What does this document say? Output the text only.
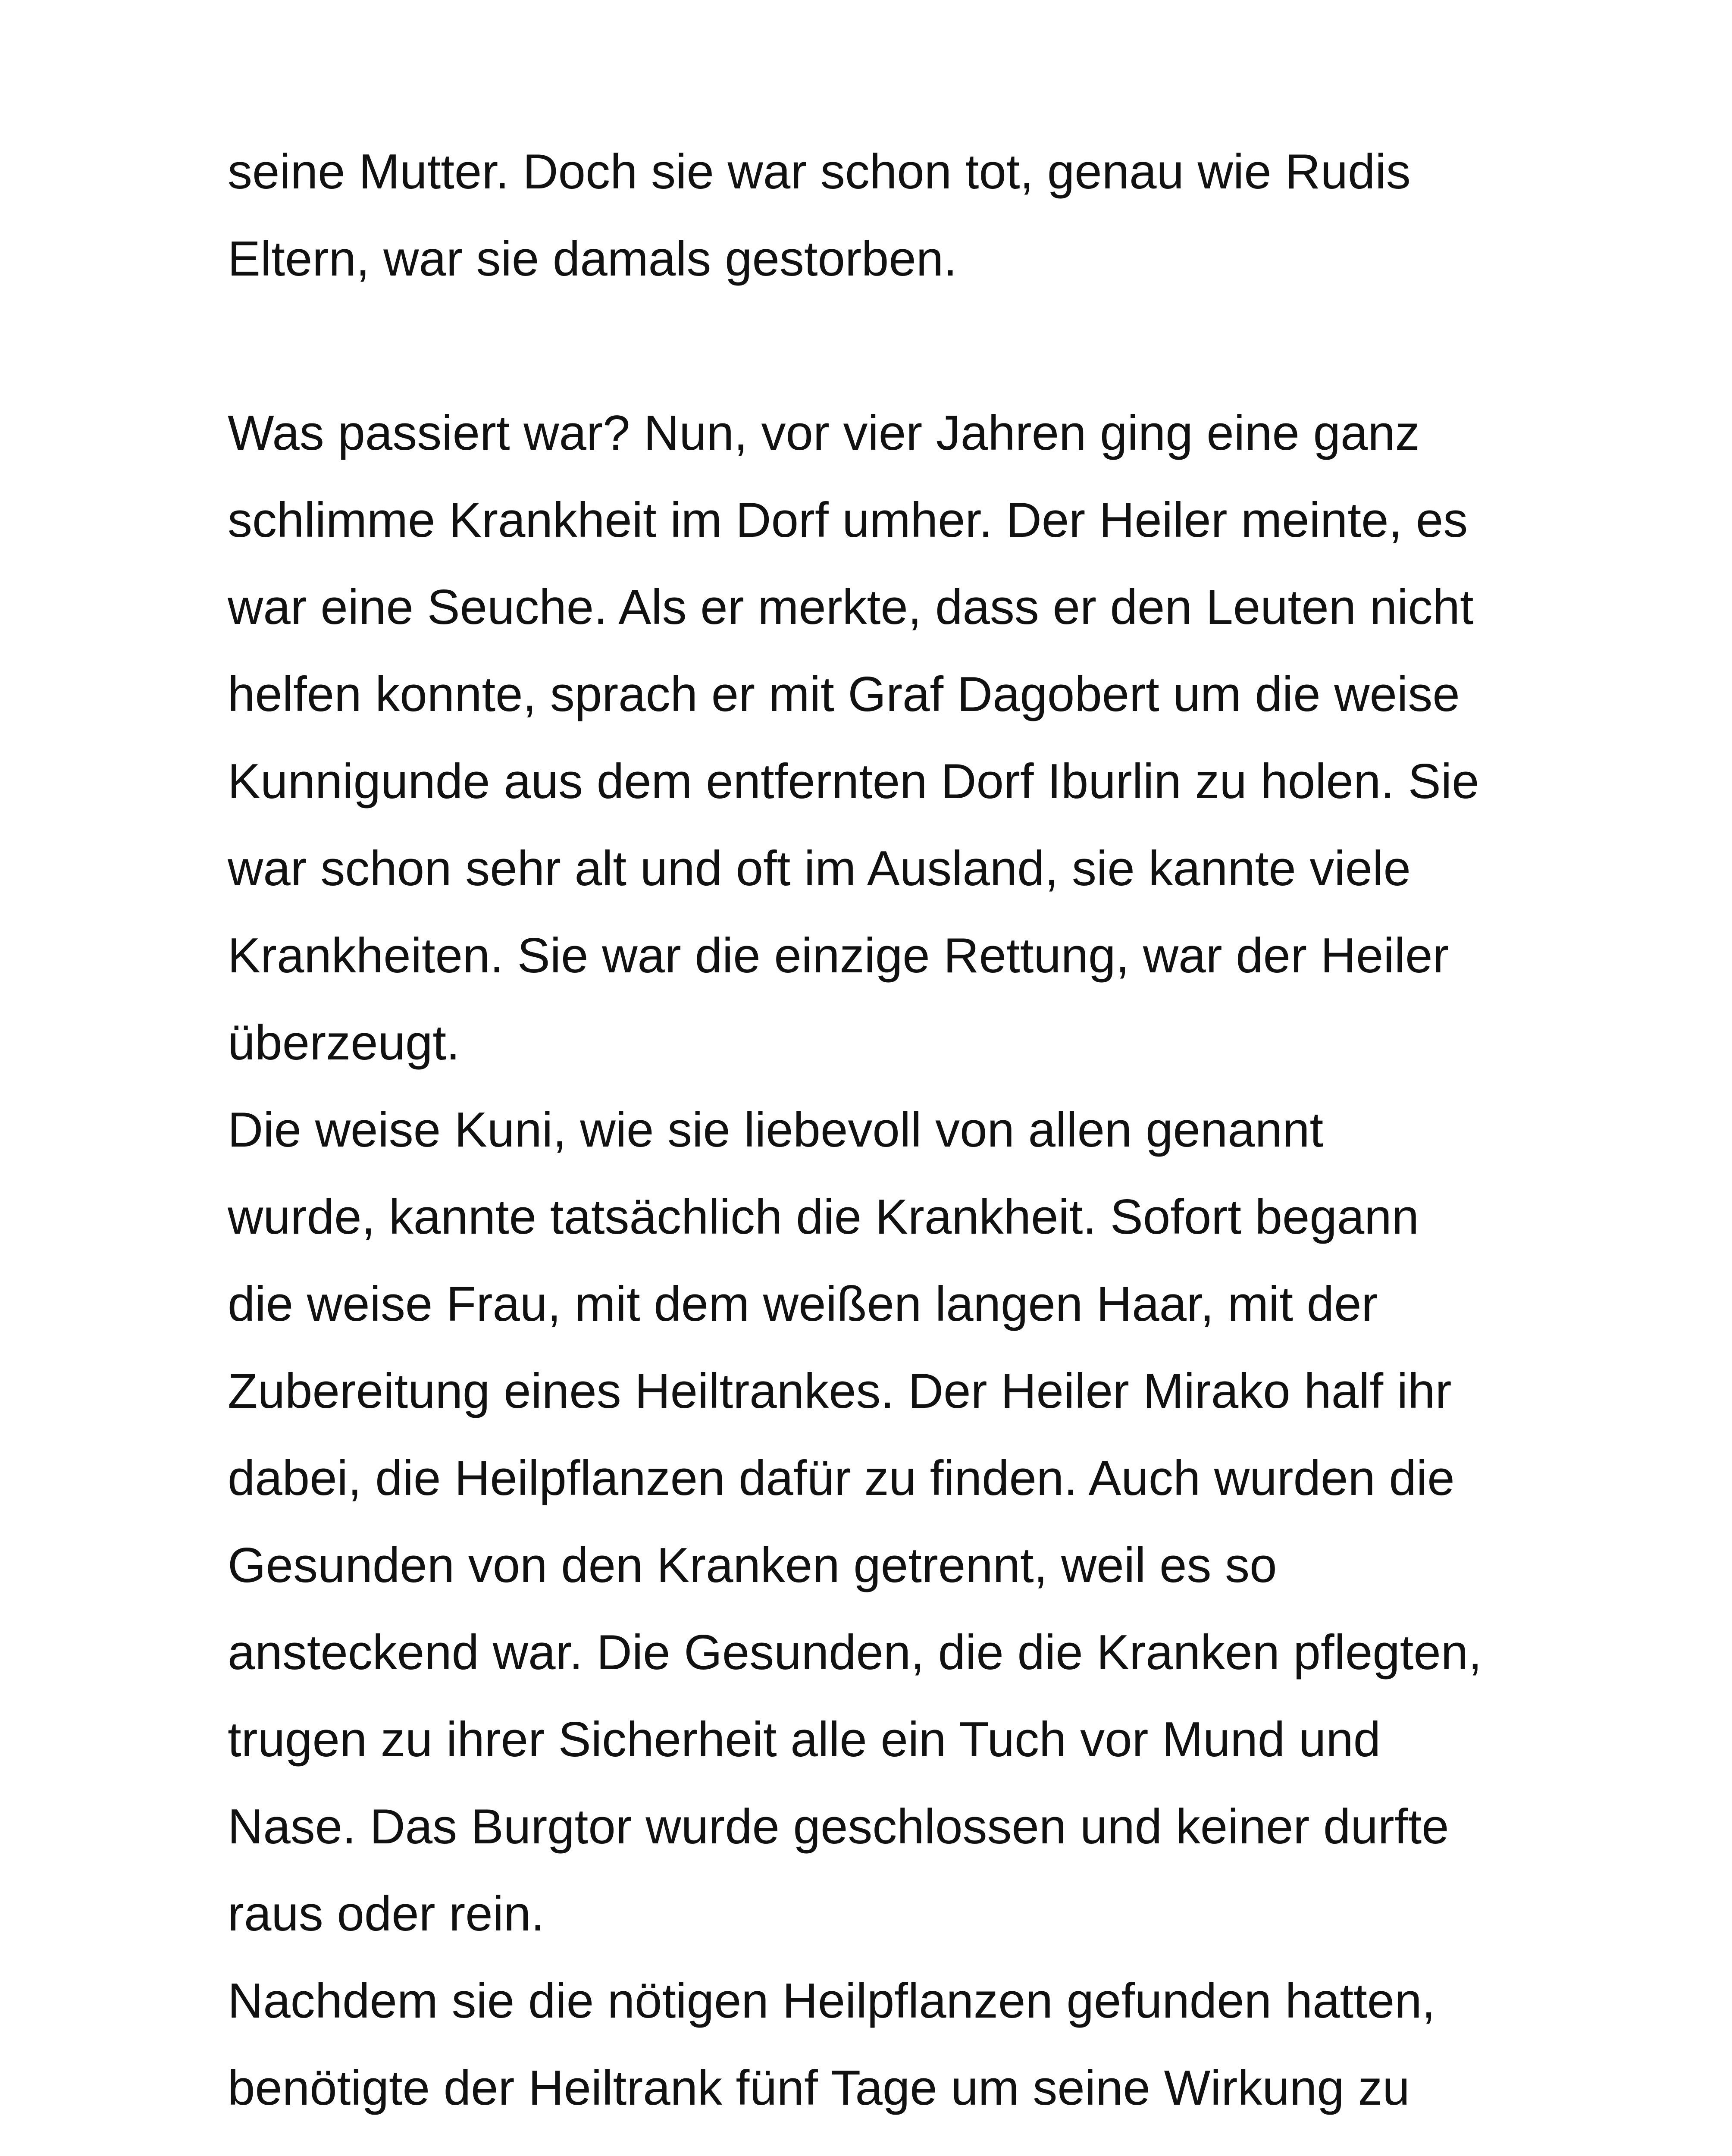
seine Mutter. Doch sie war schon tot, genau wie Rudis
Eltern, war sie damals gestorben.

Was passiert war? Nun, vor vier Jahren ging eine ganz
schlimme Krankheit im Dorf umher. Der Heiler meinte, es
war eine Seuche. Als er merkte, dass er den Leuten nicht
helfen konnte, sprach er mit Graf Dagobert um die weise
Kunnigunde aus dem entfernten Dorf Iburlin zu holen. Sie
war schon sehr alt und oft im Ausland, sie kannte viele
Krankheiten. Sie war die einzige Rettung, war der Heiler
überzeugt.

Die weise Kuni, wie sie liebevoll von allen genannt
wurde, kannte tatsächlich die Krankheit. Sofort begann
die weise Frau, mit dem weißen langen Haar, mit der
Zubereitung eines Heiltrankes. Der Heiler Mirako half ihr
dabei, die Heilpflanzen dafür zu finden. Auch wurden die
Gesunden von den Kranken getrennt, weil es so
ansteckend war. Die Gesunden, die die Kranken pflegten,
trugen zu ihrer Sicherheit alle ein Tuch vor Mund und
Nase. Das Burgtor wurde geschlossen und keiner durfte
raus oder rein.

Nachdem sie die nötigen Heilpflanzen gefunden hatten,
benötigte der Heiltrank fünf Tage um seine Wirkung zu
